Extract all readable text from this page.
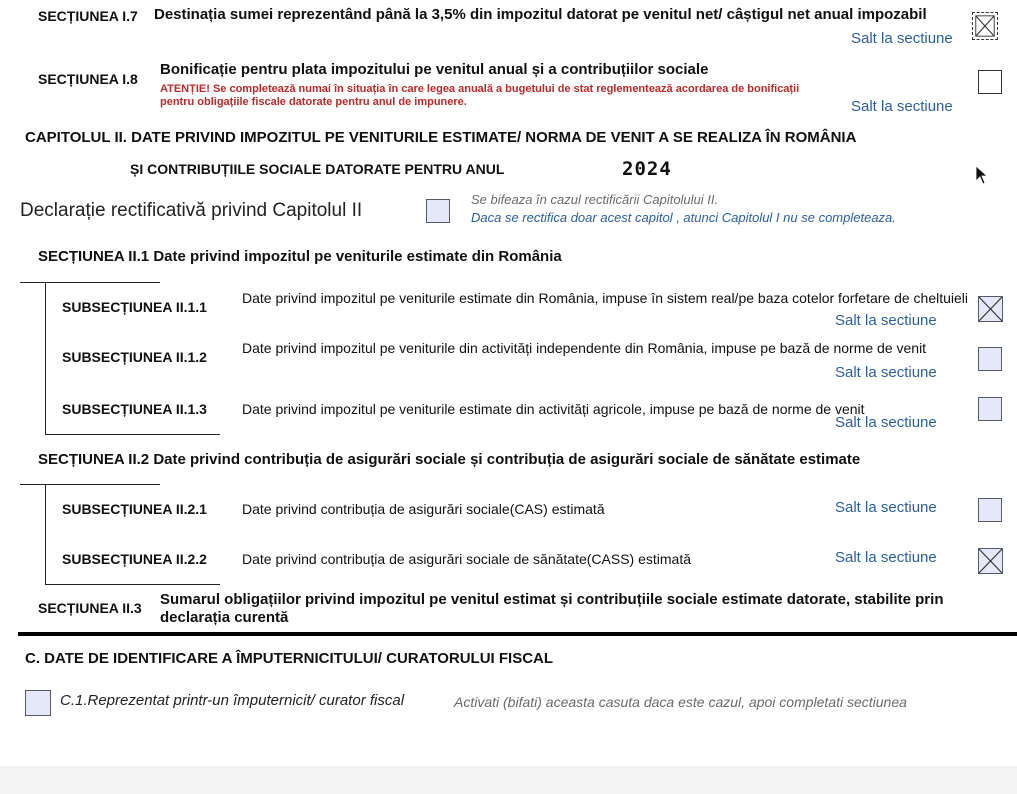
SECȚIUNEA I.7 Destinația sumei reprezentând până la 3,5% din impozitul datorat pe venitul net/ câștigul net anual impozabil
Salt la sectiune
SECȚIUNEA I.8
Bonificație pentru plata impozitului pe venitul anual și a contribuțiilor sociale
ATENȚIE! Se completează numai în situația în care legea anuală a bugetului de stat reglementează acordarea de bonificații pentru obligațiile fiscale datorate pentru anul de impunere.	Salt la sectiune
CAPITOLUL II. DATE PRIVIND IMPOZITUL PE VENITURILE ESTIMATE/ NORMA DE VENIT A SE REALIZA ÎN ROMÂNIA
ȘI CONTRIBUȚIILE SOCIALE DATORATE PENTRU ANUL	2024
Declarație rectificativă privind Capitolul II
Se bifeaza în cazul rectificării Capitolului II.
Daca se rectifica doar acest capitol , atunci Capitolul I nu se completeaza.
SECȚIUNEA II.1 Date privind impozitul pe veniturile estimate din România
SUBSECȚIUNEA II.1.1
Date privind impozitul pe veniturile estimate din România, impuse în sistem real/pe baza cotelor forfetare de cheltuieli
Salt la sectiune
SUBSECȚIUNEA II.1.2
Date privind impozitul pe veniturile din activități independente din România, impuse pe bază de norme de venit
Salt la sectiune
SUBSECȚIUNEA II.1.3	Date privind impozitul pe veniturile estimate din activități agricole, impuse pe bază de norme de venit
Salt la sectiune
SECȚIUNEA II.2 Date privind contribuția de asigurări sociale și contribuția de asigurări sociale de sănătate estimate
SUBSECȚIUNEA II.2.1	Date privind contribuția de asigurări sociale(CAS) estimată	Salt la sectiune
SUBSECȚIUNEA II.2.2	Date privind contribuția de asigurări sociale de sănătate(CASS) estimată	Salt la sectiune
SECȚIUNEA II.3 Sumarul obligațiilor privind impozitul pe venitul estimat și contribuțiile sociale estimate datorate, stabilite prin declarația curentă
C. DATE DE IDENTIFICARE A ÎMPUTERNICITULUI/ CURATORULUI FISCAL
C.1.Reprezentat printr-un împuternicit/ curator fiscal	Activati (bifati) aceasta casuta daca este cazul, apoi completati sectiunea
